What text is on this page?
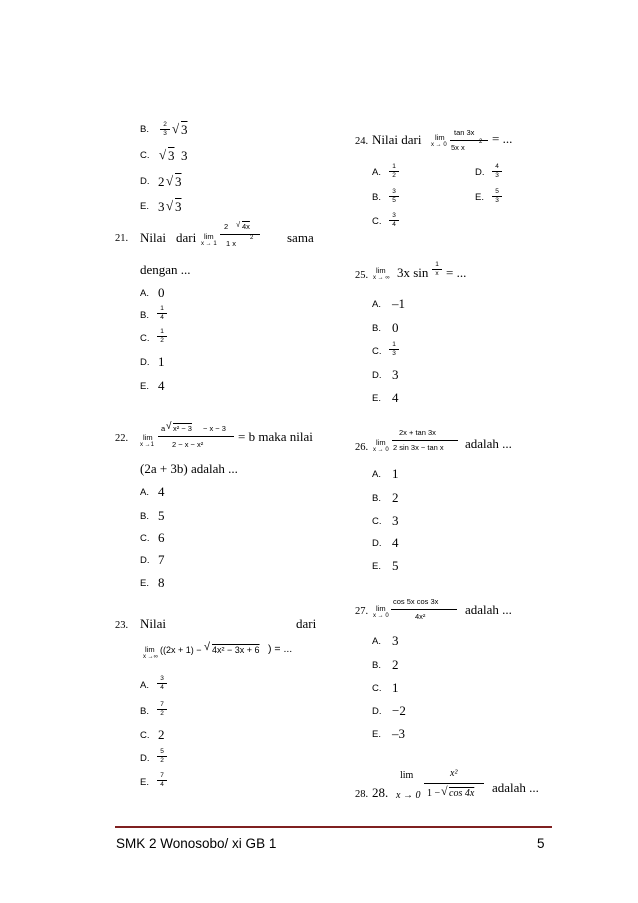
B. $\frac{2}{3}$ √ 3
C. √ 3 3
D. 2 √ 3
E. 3 √ 3
21. Nilai dari lim
x → 1
2 √ 4x
1 x
2	sama
dengan ...
A. 0
B. $\frac{1}{4}$
C. $\frac{1}{2}$
D. 1
E. 4
22. lim
x →1
a √ x² − 3 − x − 3
2 − x − x²
= b maka nilai
(2a + 3b) adalah ...
A. 4
B. 5
C. 6
D. 7
E. 8
23. Nilai	dari
lim
x →∞
((2x + 1) − √ 4x² − 3x + 6 ) = ...
A. $\frac{3}{4}$
B. $\frac{7}{2}$
C. 2
D. $\frac{5}{2}$
E. $\frac{7}{4}$
24. Nilai dari lim
x → 0
tan 3x
5x x
2 = ...
A. $\frac{1}{2}$	D. $\frac{4}{3}$
B. $\frac{3}{5}$	E. $\frac{5}{3}$
C. $\frac{3}{4}$
25. lim
x → ∞ 3x $\sin \frac{1}{x}$ = ...
A. –1
B. 0
C. $\frac{1}{3}$
D. 3
E. 4
26. lim
x → 0
2x + tan 3x
2 sin 3x − tan x adalah ...
A. 1
B. 2
C. 3
D. 4
E. 5
27. lim
x → 0
cos 5x cos 3x
4x²	adalah ...
A. 3
B. 2
C. 1
D. −2
E. –3
28. 28.
lim
x → 0
x²
1 − √ cos 4x adalah ...
SMK 2 Wonosobo/ xi GB 1	5
